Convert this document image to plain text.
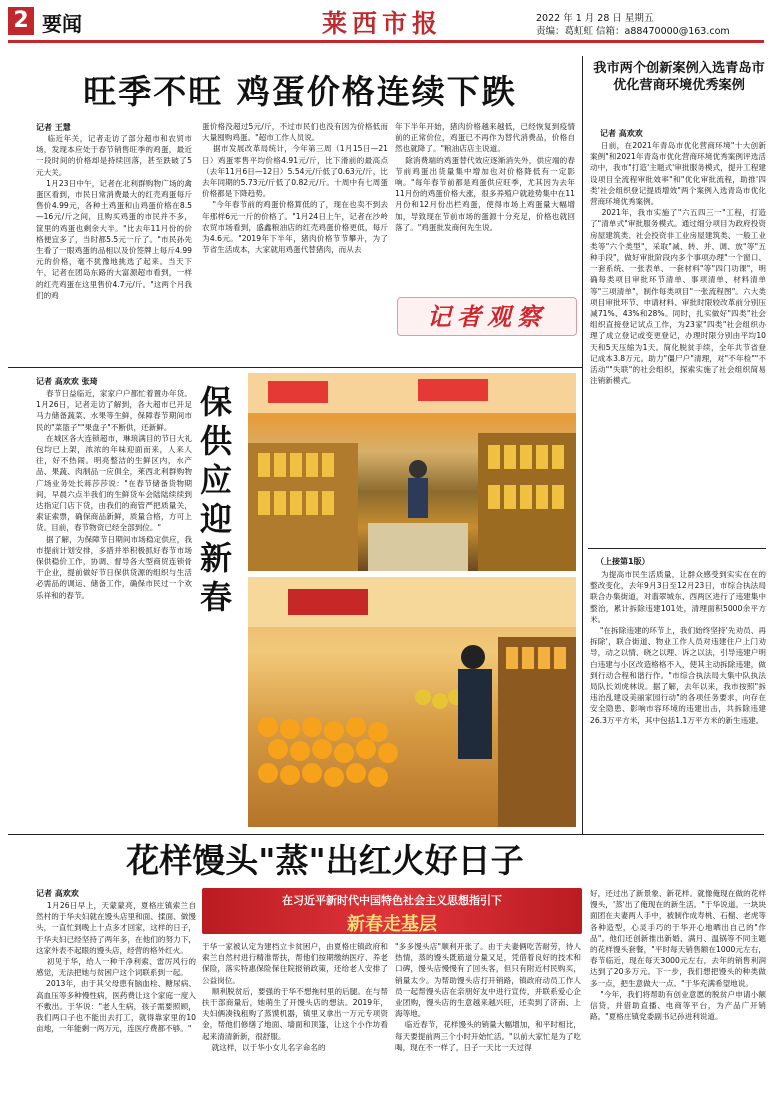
2 要闻	莱西市报	2022 年 1 月 28 日 星期五
责编：葛虹虹 信箱：a88470000@163.com
旺季不旺 鸡蛋价格连续下跌
记者 王慧
临近年关，记者走访了部分超市和农贸市场，发现本应处于春节销售旺季的鸡蛋，最近一段时间的价格却是持续回落，甚至跌破了5元大关。
1月23日中午，记者在北利群购物广场的禽蛋区看到，市民日常消费最大的红壳鸡蛋每斤售价4.99元，各种土鸡蛋和山鸡蛋价格在8.5—16元/斤之间，且购买鸡蛋的市民并不多，筐里的鸡蛋也剩余大半。"比去年11月份的价格便宜多了，当时都5.5元一斤了。"市民孙先生看了一眼鸡蛋的品相以及价签牌上每斤4.99元的价格，毫不犹豫地挑选了起来。当天下午，记者在团岛东路的大富源超市看到，一样的红壳鸡蛋在这里售价4.7元/斤。"这两个月我们的鸡
蛋价格没超过5元/斤，不过市民们也没有因为价格低而大量囤购鸡蛋。"超市工作人员说。
据市发展改革局统计，今年第三周（1月15日—21日）鸡蛋零售平均价格4.91元/斤，比下滑前的最高点（去年11月6日—12日）5.54元/斤低了0.63元/斤，比去年同期的5.73元/斤低了0.82元/斤。十周中有七周蛋价格都是下降趋势。
"今年春节前的鸡蛋价格算低的了，现在也卖不到去年那样6元一斤的价格了。"1月24日上午，记者在沙岭农贸市场看到，盛鑫粮油店的红壳鸡蛋价格更低，每斤为4.6元。"2019年下半年，猪肉价格节节攀升，为了节省生活成本，大家就用鸡蛋代替猪肉，而从去
年下半年开始，猪肉价格越来越低，已经恢复到疫情前的正常价位，鸡蛋已不再作为替代消费品，价格自然也就降了。"粮油店店主说道。
除消费端的鸡蛋替代效应逐渐消失外，供应端的春节前鸡蛋出货量集中增加也对价格降低有一定影响。"每年春节前都是鸡蛋供应旺季，尤其因为去年11月份的鸡蛋价格大涨，很多养殖户就趁势集中在11月份和12月份出栏鸡蛋，使得市场上鸡蛋量大幅增加，导致现在节前市场的蛋源十分充足，价格也就回落了。"鸡蛋批发商何先生说。
记者观察
我市两个创新案例入选青岛市优化营商环境优秀案例
记者 高欢欢
日前，在2021年青岛市优化营商环境"十大创新案例"和2021年青岛市优化营商环境优秀案例评选活动中，我市"打造'主题式'审批服务模式，提升工程建设项目全流程审批效率"和"优化审批流程，助推'四类'社会组织登记提质增效"两个案例入选青岛市优化营商环境优秀案例。
2021年，我市实施了"六五四三一"工程，打造了"清单式"审批服务模式。通过细分项目为政府投资房屋建筑类、社会投资非工业房屋建筑类、一般工业类等"六个类型"，采取"减、转、并、调、放"等"五种手段"，做好审批阶段内多个事项办理"一个窗口、一套系统、一张表单、一套材料"等"四门功课"，明确每类项目审批环节清单、事项清单、材料清单等"三项清单"，制作每类项目"一张流程图"。六大类项目审批环节、申请材料、审批时限较改革前分别压减71%、43%和28%。同时，扎实做好"四类"社会组织直接登记试点工作，为23家"四类"社会组织办理了成立登记或变更登记，办理时限分别由平均10天和5天压缩为1天。简化脱贫手续，全年共节省登记成本3.8万元。助力"僵尸户"清理，对"不年检""不活动""失联"的社会组织，探索实施了社会组织简易注销新模式。
记者 高欢欢 张琦
春节日益临近，家家户户都忙着置办年货。1月26日，记者走访了解到，各大超市已开足马力储备蔬菜、水果等生鲜，保障春节期间市民的"菜篮子""果盘子"不断供，还新鲜。
在城区各大连锁超市，琳琅满目的节日大礼包均已上架，浓浓的年味迎面而来，人来人往，好不热闹。明亮整洁的生鲜区内，水产品、果蔬、肉制品一应俱全，莱西北利群购物广场业务处长蒋莎莎说："在春节储备货物期间，早晨六点半我们的生鲜货车会陆陆续续到达指定门店下货，由我们的商管严把质量关，索证索票，确保商品新鲜，质量合格，方可上货。目前，春节物资已经全部到位。"
据了解，为保障节日期间市场稳定供应，我市提前计划安排，多措并举积极抓好春节市场保供稳价工作，协调、督导各大型商贸连锁骨干企业，提前做好节日保供货源的组织与生活必需品的调运、储备工作，确保市民过一个欢乐祥和的春节。
保供应迎新春
（上接第1版）
为提高市民生活质量，让群众感受到实实在在的整改变化，去年9月3日至12月23日，市综合执法局联合办集街道，对翡翠城东、西两区进行了违建集中整治，累计拆除违建101处，清理面积5000余平方米。
"在拆除违建的环节上，我们始终坚持'先劝员、再拆除'，联合街道、物业工作人员对违建住户上门劝导，动之以情、晓之以理、诉之以法，引导违建户明白违建与小区改造格格不入，使其主动拆除违建，做到行动合程和谐行作。"市综合执法局大集中队执法局队长刘虎林说。据了解，去年以来，我市按照"拆违治乱建设美丽家园行动"的各项任务要求，向存在安全隐患、影响市容环境的违建出击，共拆除违建26.3万平方米，其中包括1.1万平方米的新生违建。
花样馒头"蒸"出红火好日子
记者 高欢欢
1月26日早上，天蒙蒙亮，夏格庄镇索兰自然村的于华夫妇就在馒头店里和面、揉面、做馒头，一直忙到晚上十点多才回家，这样的日子，于华夫妇已经坚持了两年多，在他们的努力下，这家外表不起眼的馒头店，经营的格外红火。
初见于华，给人一种干净利索、雷厉风行的感觉，无法把她与贫困户这个词联系到一起。
2013年，由于其父母患有脑血栓、糖尿病、高血压等多种慢性病，医药费让这个家庭一度入不敷出。于华说："老人生病，孩子需要照顾，我们两口子也不能出去打工，就得靠家里的10亩地，一年能剩一两万元，连医疗费都不够。"
在习近平新时代中国特色社会主义思想指引下
新春走基层
于华一家被认定为建档立卡贫困户，由夏格庄镇政府和索兰自然村进行精准帮扶，帮他们按期缴纳医疗、养老保险，落实特惠保险保住院报销政策，还给老人安排了公益岗位。
顺利脱贫后，要强的于华不想拖村里的后腿。在与帮扶干部商量后，她萌生了开馒头店的想法。2019年，夫妇俩凑钱租购了蒸馍机器，镇里又拿出一万元专项资金，帮他们修缮了地面、墙面和顶篷，让这个小作坊看起来清清新新，很舒服。
就这样，以于华小女儿名字命名的
"多多馒头店"顺利开张了。由于夫妻俩吃苦耐劳，待人热情，蒸的馒头既筋道分量又足，凭借着良好的技术和口碑，馒头店慢慢有了回头客，但只有附近村民购买，销量太少。为帮助馒头店打开销路，镇政府动员工作人员一起帮馒头店在亲朋好友中进行宣传，并联系爱心企业团购，馒头店的生意越来越兴旺，还卖到了济南、上海等地。
临近春节，花样馒头的销量大幅增加，和平时相比，每天要提前两三个小时开始忙活。"以前大家忙是为了吃喝，现在不一样了，日子一天比一天过得
好，还过出了新景象、新花样。就像俺现在做的花样馒头，'蒸'出了俺现在的新生活。"于华说道。一块块面团在夫妻两人手中，被制作成寿桃、石榴、老虎等各种造型，心灵手巧的于华开心地晒出自己的"作品"。他们还创新推出新婚、满月、温锅等不同主题的花样馒头套餐，"平时每天销售额在1000元左右，春节临近，现在每天3000元左右，去年的销售利润达到了20多万元。下一步，我们想把馒头的种类做多一点，把生意做大一点。"于华充满希望地说。
"今年，我们将帮助有创业意愿的脱贫户申请小额信贷，并借助直播、电商等平台，为产品广开销路。"夏格庄镇党委副书记孙进利说道。
